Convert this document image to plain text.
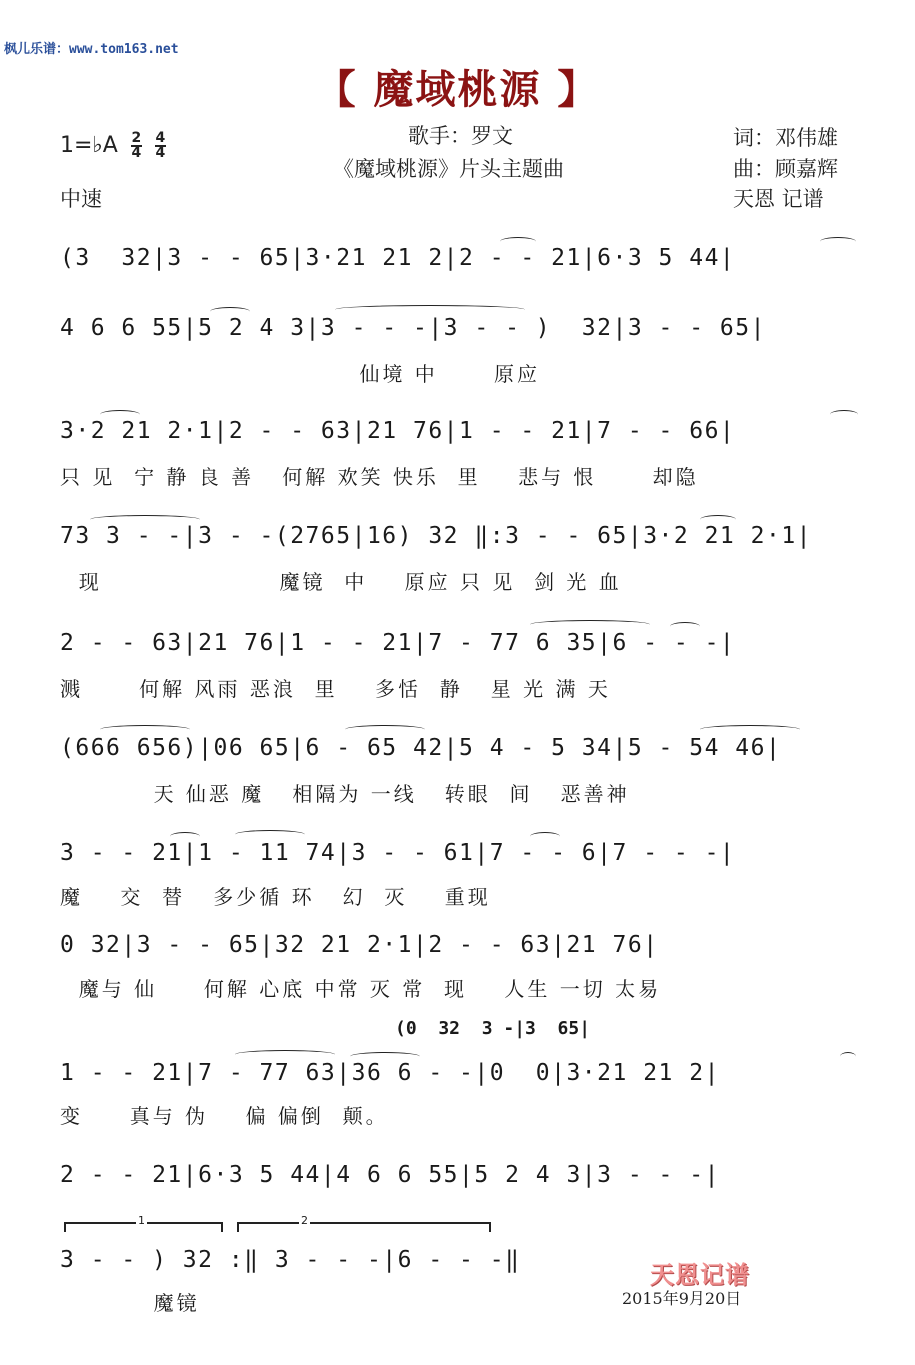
枫儿乐谱：www.tom163.net
【 魔域桃源 】
1=♭A $\frac{2}{4}$
$\frac{4}{4}$
中速
歌手：罗文
《魔域桃源》片头主题曲
词：邓伟雄
曲：顾嘉辉
天恩 记谱
(3  32|3 - - 65|3·21 21 2|2 - - 21|6·3 5 44|
4 6 6 55|5 2 4 3|3 - - -|3 - - )  32|3 - - 65|
仙境 中      原应
3·2 21 2·1|2 - - 63|21 76|1 - - 21|7 - - 66|
只 见  宁 静 良 善   何解 欢笑 快乐  里    悲与 恨      却隐
73 3 - -|3 - -(2765|16) 32 ‖:3 - - 65|3·2 21 2·1|
现                   魔镜  中    原应 只 见  剑 光 血
2 - - 63|21 76|1 - - 21|7 - 77 6 35|6 - - -|
溅      何解 风雨 恶浪  里    多恬  静   星 光 满 天
(666 656)|06 65|6 - 65 42|5 4 - 5 34|5 - 54 46|
天 仙恶 魔   相隔为 一线   转眼  间   恶善神
3 - - 21|1 - 11 74|3 - - 61|7 - - 6|7 - - -|
魔    交  替   多少循 环   幻  灭    重现
0 32|3 - - 65|32 21 2·1|2 - - 63|21 76|
魔与 仙     何解 心底 中常 灭 常  现    人生 一切 太易
(0  32  3 -|3  65|
1 - - 21|7 - 77 63|36 6 - -|0  0|3·21 21 2|
变     真与 伪    偏 偏倒  颠。
2 - - 21|6·3 5 44|4 6 6 55|5 2 4 3|3 - - -|
1	2
3 - - ) 32 :‖ 3 - - -|6 - - -‖
魔镜
天恩记谱
2015年9月20日
